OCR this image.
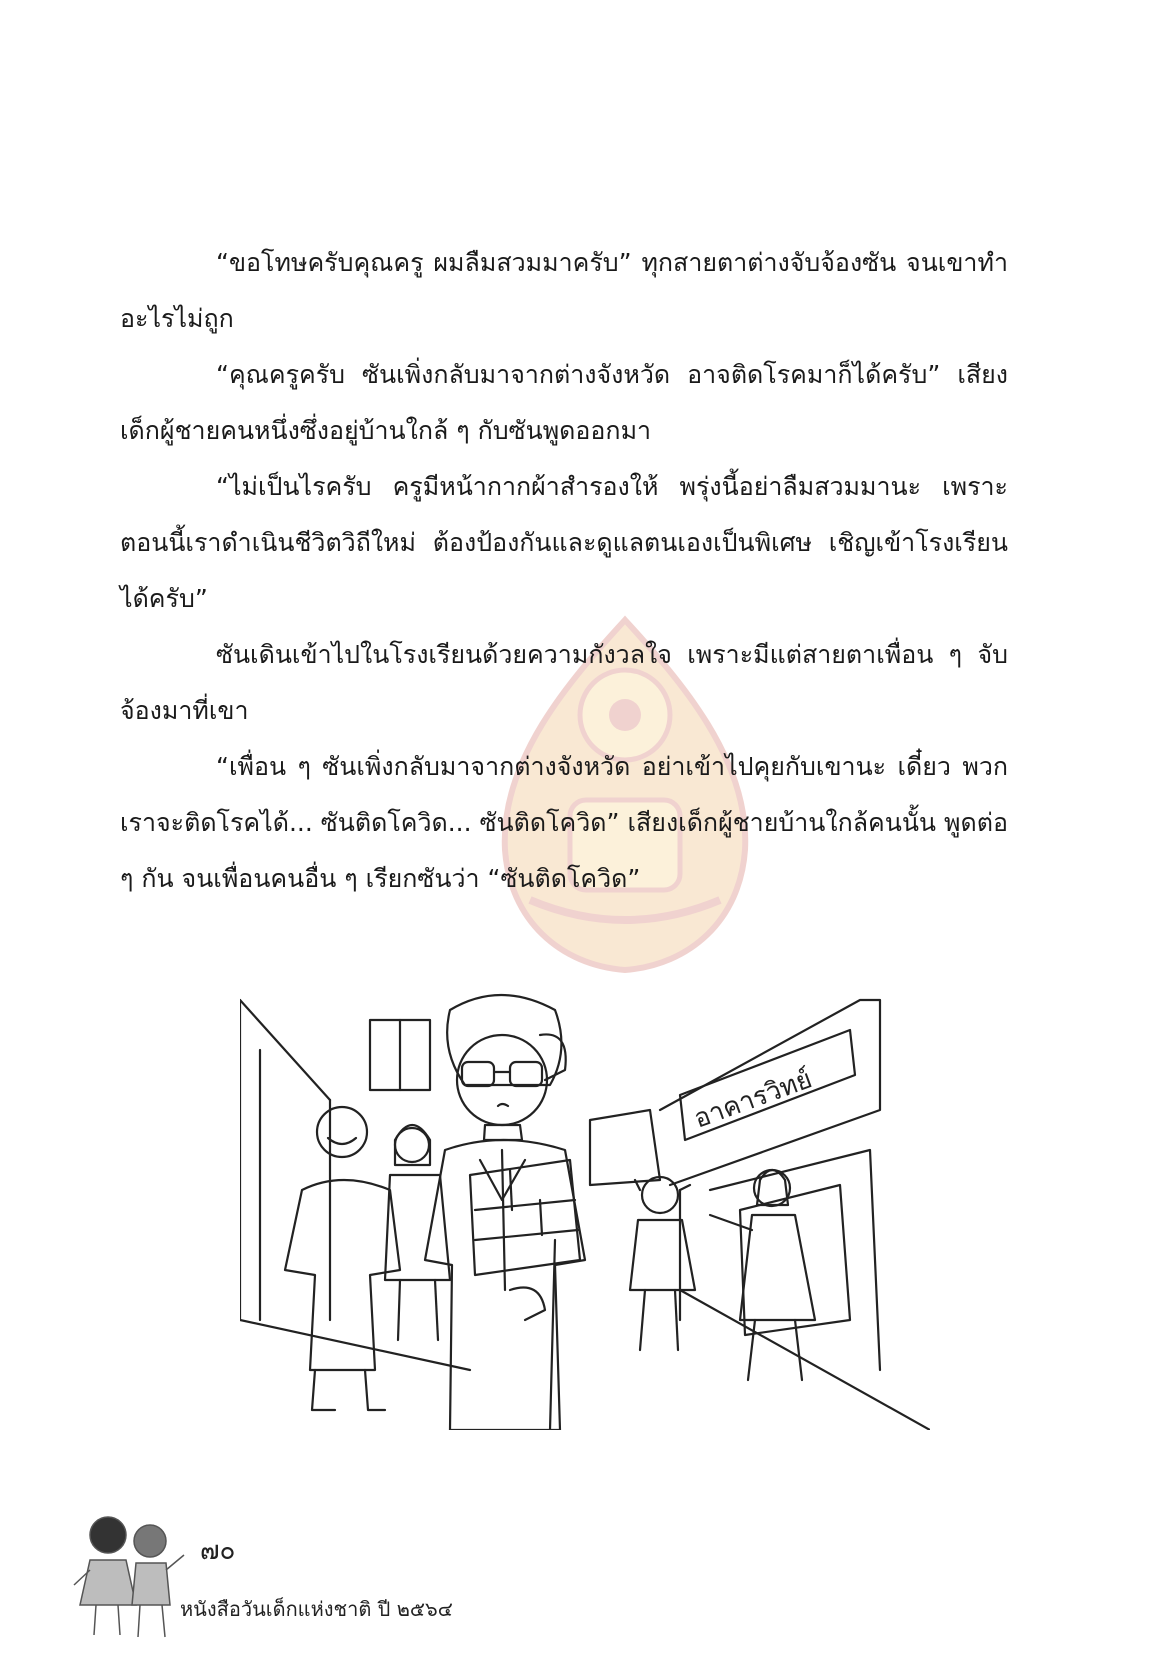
“ขอโทษครับคุณครู ผมลืมสวมมาครับ” ทุกสายตาต่างจับจ้องซัน จนเขาทำอะไรไม่ถูก

“คุณครูครับ ซันเพิ่งกลับมาจากต่างจังหวัด อาจติดโรคมาก็ได้ครับ” เสียง เด็กผู้ชายคนหนึ่งซึ่งอยู่บ้านใกล้ ๆ กับซันพูดออกมา

“ไม่เป็นไรครับ ครูมีหน้ากากผ้าสำรองให้ พรุ่งนี้อย่าลืมสวมมานะ เพราะตอนนี้เราดำเนินชีวิตวิถีใหม่ ต้องป้องกันและดูแลตนเองเป็นพิเศษ เชิญเข้าโรงเรียนได้ครับ”

ซันเดินเข้าไปในโรงเรียนด้วยความกังวลใจ เพราะมีแต่สายตาเพื่อน ๆ จับจ้องมาที่เขา

“เพื่อน ๆ ซันเพิ่งกลับมาจากต่างจังหวัด อย่าเข้าไปคุยกับเขานะ เดี๋ยว พวกเราจะติดโรคได้... ซันติดโควิด... ซันติดโควิด” เสียงเด็กผู้ชายบ้านใกล้คนนั้น พูดต่อ ๆ กัน จนเพื่อนคนอื่น ๆ เรียกซันว่า “ซันติดโควิด”

อาคารวิทย์
๗๐
หนังสือวันเด็กแห่งชาติ ปี ๒๕๖๔
